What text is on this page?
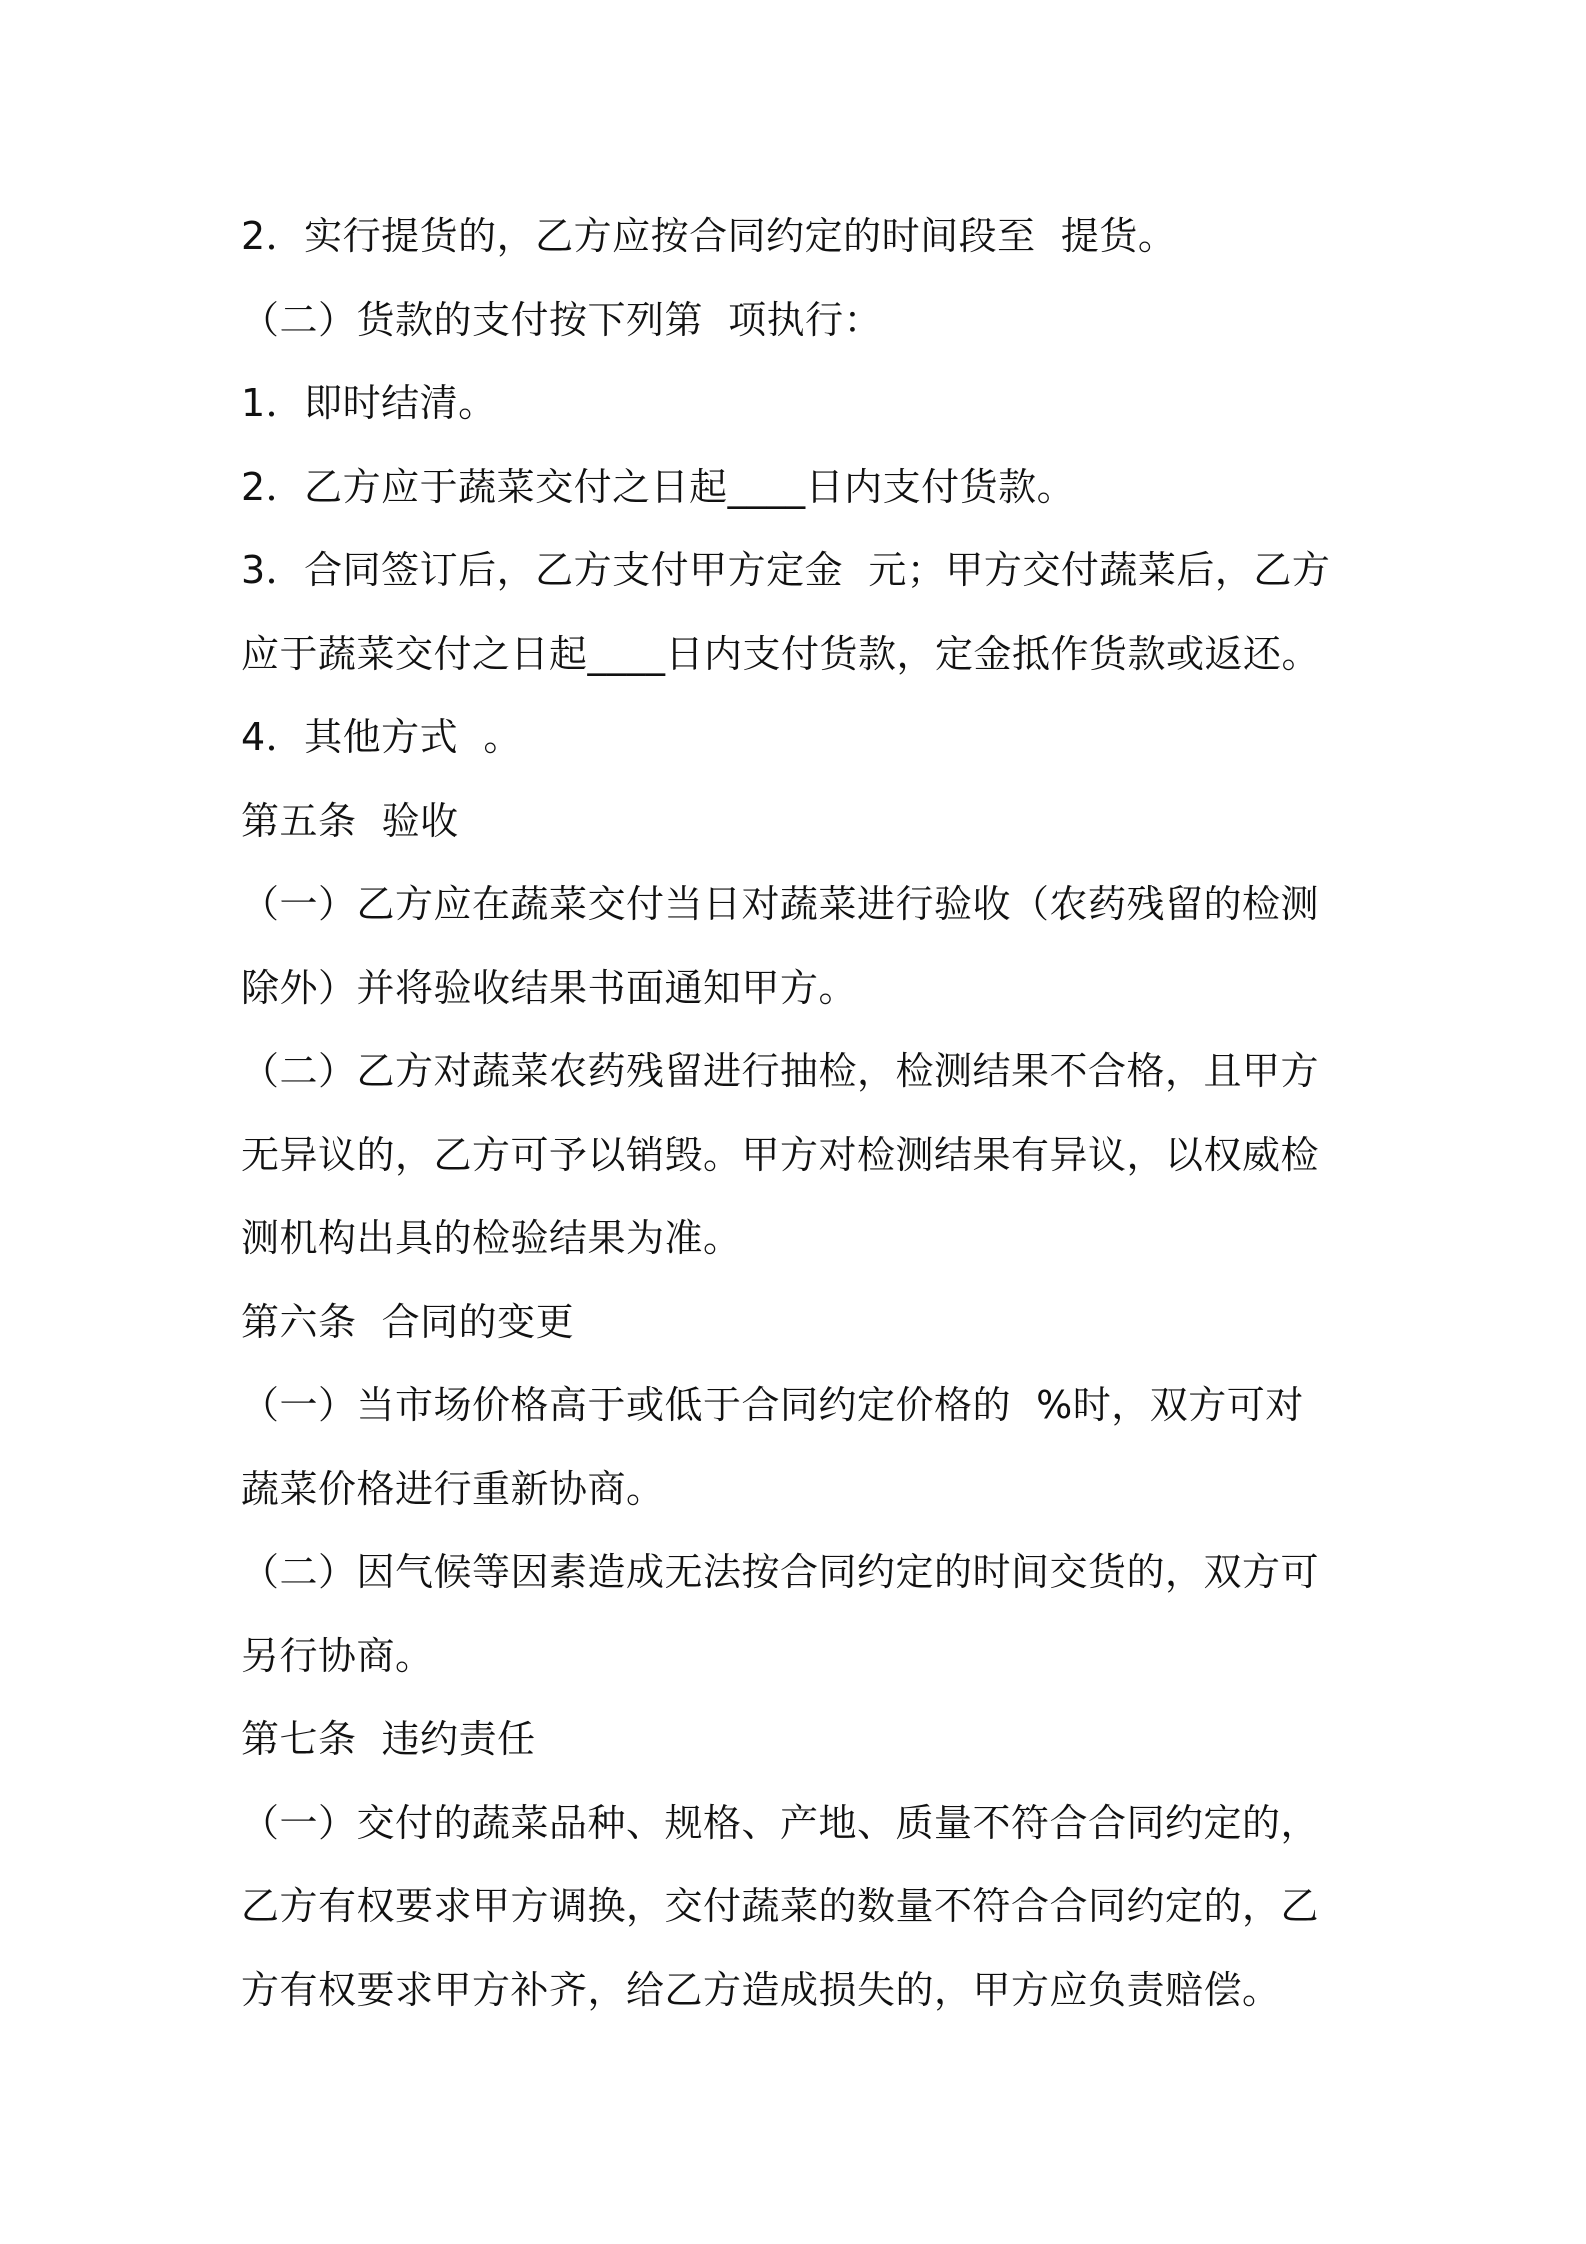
2．实行提货的，乙方应按合同约定的时间段至  提货。
（二）货款的支付按下列第  项执行：
1．即时结清。
2．乙方应于蔬菜交付之日起____日内支付货款。
3．合同签订后，乙方支付甲方定金  元；甲方交付蔬菜后，乙方
应于蔬菜交付之日起____日内支付货款，定金抵作货款或返还。
4．其他方式  。
第五条  验收
（一）乙方应在蔬菜交付当日对蔬菜进行验收（农药残留的检测
除外）并将验收结果书面通知甲方。
（二）乙方对蔬菜农药残留进行抽检，检测结果不合格，且甲方
无异议的，乙方可予以销毁。甲方对检测结果有异议，以权威检
测机构出具的检验结果为准。
第六条  合同的变更
（一）当市场价格高于或低于合同约定价格的  %时，双方可对
蔬菜价格进行重新协商。
（二）因气候等因素造成无法按合同约定的时间交货的，双方可
另行协商。
第七条  违约责任
（一）交付的蔬菜品种、规格、产地、质量不符合合同约定的，
乙方有权要求甲方调换，交付蔬菜的数量不符合合同约定的，乙
方有权要求甲方补齐，给乙方造成损失的，甲方应负责赔偿。
